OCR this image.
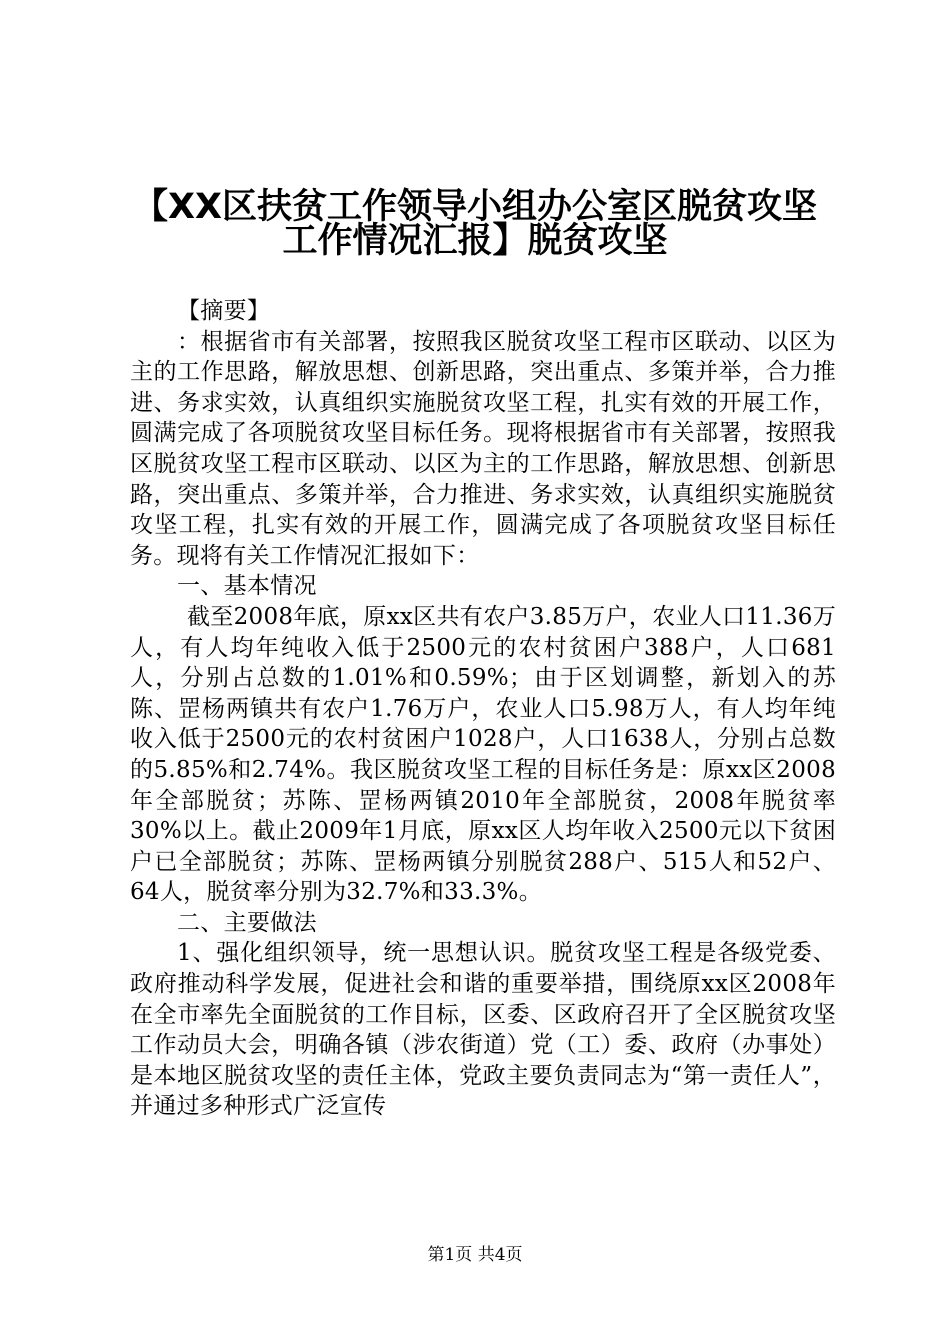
【XX区扶贫工作领导小组办公室区脱贫攻坚
工作情况汇报】脱贫攻坚

【摘要】

：根据省市有关部署，按照我区脱贫攻坚工程市区联动、以区为主的工作思路，解放思想、创新思路，突出重点、多策并举，合力推进、务求实效，认真组织实施脱贫攻坚工程，扎实有效的开展工作，圆满完成了各项脱贫攻坚目标任务。现将根据省市有关部署，按照我区脱贫攻坚工程市区联动、以区为主的工作思路，解放思想、创新思路，突出重点、多策并举，合力推进、务求实效，认真组织实施脱贫攻坚工程，扎实有效的开展工作，圆满完成了各项脱贫攻坚目标任务。现将有关工作情况汇报如下：

一、基本情况

截至2008年底，原xx区共有农户3.85万户，农业人口11.36万人，有人均年纯收入低于2500元的农村贫困户388户，人口681人，分别占总数的1.01%和0.59%；由于区划调整，新划入的苏陈、罡杨两镇共有农户1.76万户，农业人口5.98万人，有人均年纯收入低于2500元的农村贫困户1028户，人口1638人，分别占总数的5.85%和2.74%。我区脱贫攻坚工程的目标任务是：原xx区2008年全部脱贫；苏陈、罡杨两镇2010年全部脱贫，2008年脱贫率30%以上。截止2009年1月底，原xx区人均年收入2500元以下贫困户已全部脱贫；苏陈、罡杨两镇分别脱贫288户、515人和52户、64人，脱贫率分别为32.7%和33.3%。

二、主要做法

1、强化组织领导，统一思想认识。脱贫攻坚工程是各级党委、政府推动科学发展，促进社会和谐的重要举措，围绕原xx区2008年在全市率先全面脱贫的工作目标，区委、区政府召开了全区脱贫攻坚工作动员大会，明确各镇（涉农街道）党（工）委、政府（办事处）是本地区脱贫攻坚的责任主体，党政主要负责同志为“第一责任人”，并通过多种形式广泛宣传

第1页 共4页
